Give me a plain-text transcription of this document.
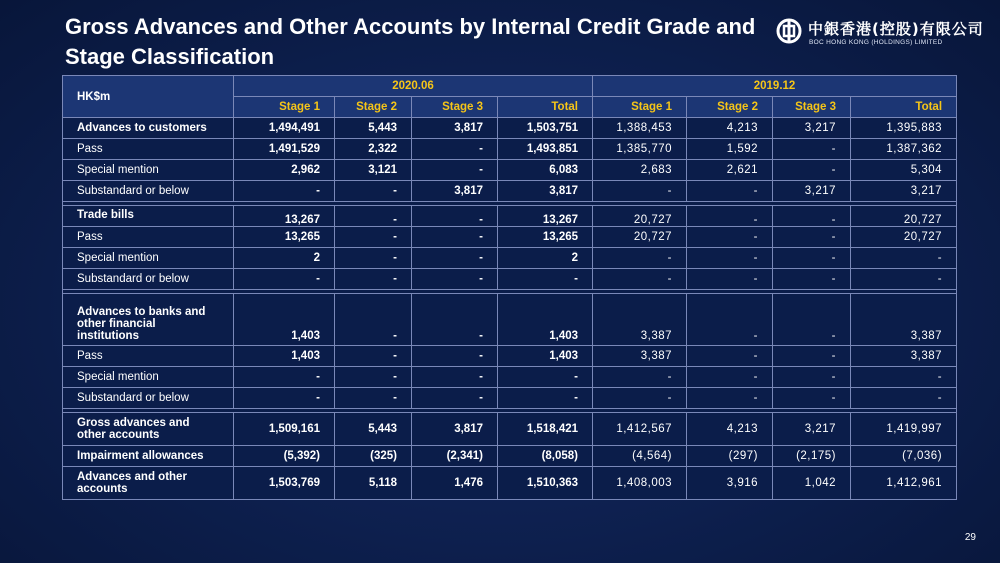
Gross Advances and Other Accounts by Internal Credit Grade and Stage Classification
中銀香港(控股)有限公司
BOC HONG KONG (HOLDINGS) LIMITED
HK$m	2020.06				2019.12			
	Stage 1	Stage 2	Stage 3	Total	Stage 1	Stage 2	Stage 3	Total
Advances to customers	1,494,491	5,443	3,817	1,503,751	1,388,453	4,213	3,217	1,395,883
Pass	1,491,529	2,322	-	1,493,851	1,385,770	1,592	-	1,387,362
Special mention	2,962	3,121	-	6,083	2,683	2,621	-	5,304
Substandard or below	-	-	3,817	3,817	-	-	3,217	3,217

Trade bills	13,267	-	-	13,267	20,727	-	-	20,727
Pass	13,265	-	-	13,265	20,727	-	-	20,727
Special mention	2	-	-	2	-	-	-	-
Substandard or below	-	-	-	-	-	-	-	-

Advances to banks and other financial institutions	1,403	-	-	1,403	3,387	-	-	3,387
Pass	1,403	-	-	1,403	3,387	-	-	3,387
Special mention	-	-	-	-	-	-	-	-
Substandard or below	-	-	-	-	-	-	-	-

Gross advances and other accounts	1,509,161	5,443	3,817	1,518,421	1,412,567	4,213	3,217	1,419,997
Impairment allowances	(5,392)	(325)	(2,341)	(8,058)	(4,564)	(297)	(2,175)	(7,036)
Advances and other accounts	1,503,769	5,118	1,476	1,510,363	1,408,003	3,916	1,042	1,412,961
29
